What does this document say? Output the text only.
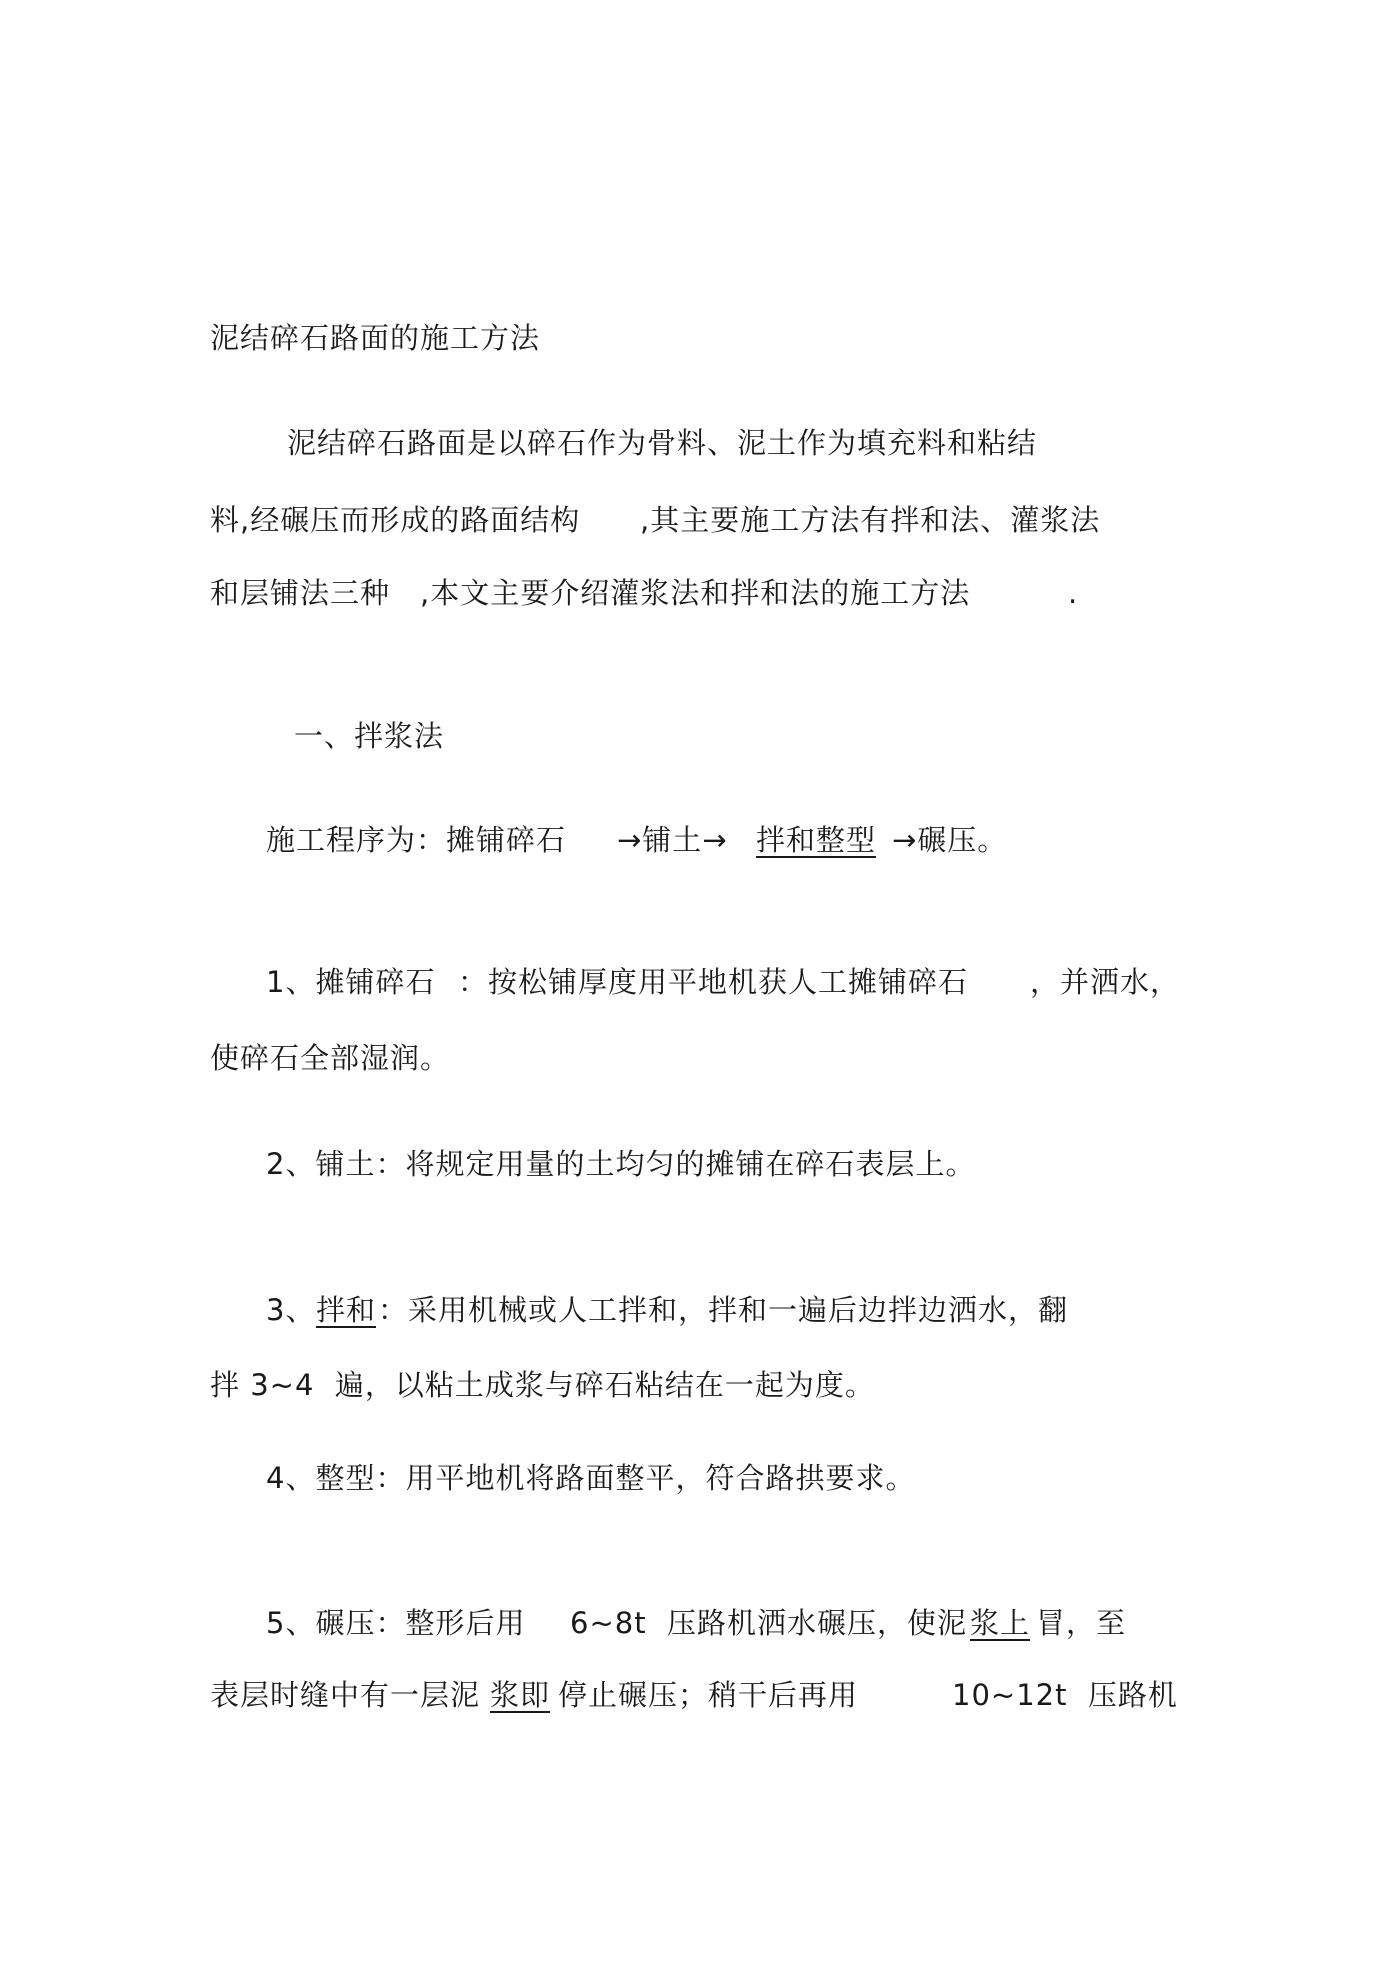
泥结碎石路面的施工方法
泥结碎石路面是以碎石作为骨料、泥土作为填充料和粘结
料,经碾压而形成的路面结构 ,其主要施工方法有拌和法、灌浆法
和层铺法三种 ,本文主要介绍灌浆法和拌和法的施工方法	.
一、拌浆法
施工程序为：摊铺碎石 →铺土→ 拌和整型 →碾压。
1、摊铺碎石 ：按松铺厚度用平地机获人工摊铺碎石 ，并洒水，
使碎石全部湿润。
2、铺土：将规定用量的土均匀的摊铺在碎石表层上。
3、 拌和 ：采用机械或人工拌和，拌和一遍后边拌边洒水，翻
拌 3~4  遍，以粘土成浆与碎石粘结在一起为度。
4、整型：用平地机将路面整平，符合路拱要求。
5、碾压：整形后用 6~8t  压路机洒水碾压，使泥 浆上 冒，至
表层时缝中有一层泥 浆即 停止碾压；稍干后再用	10~12t  压路机
